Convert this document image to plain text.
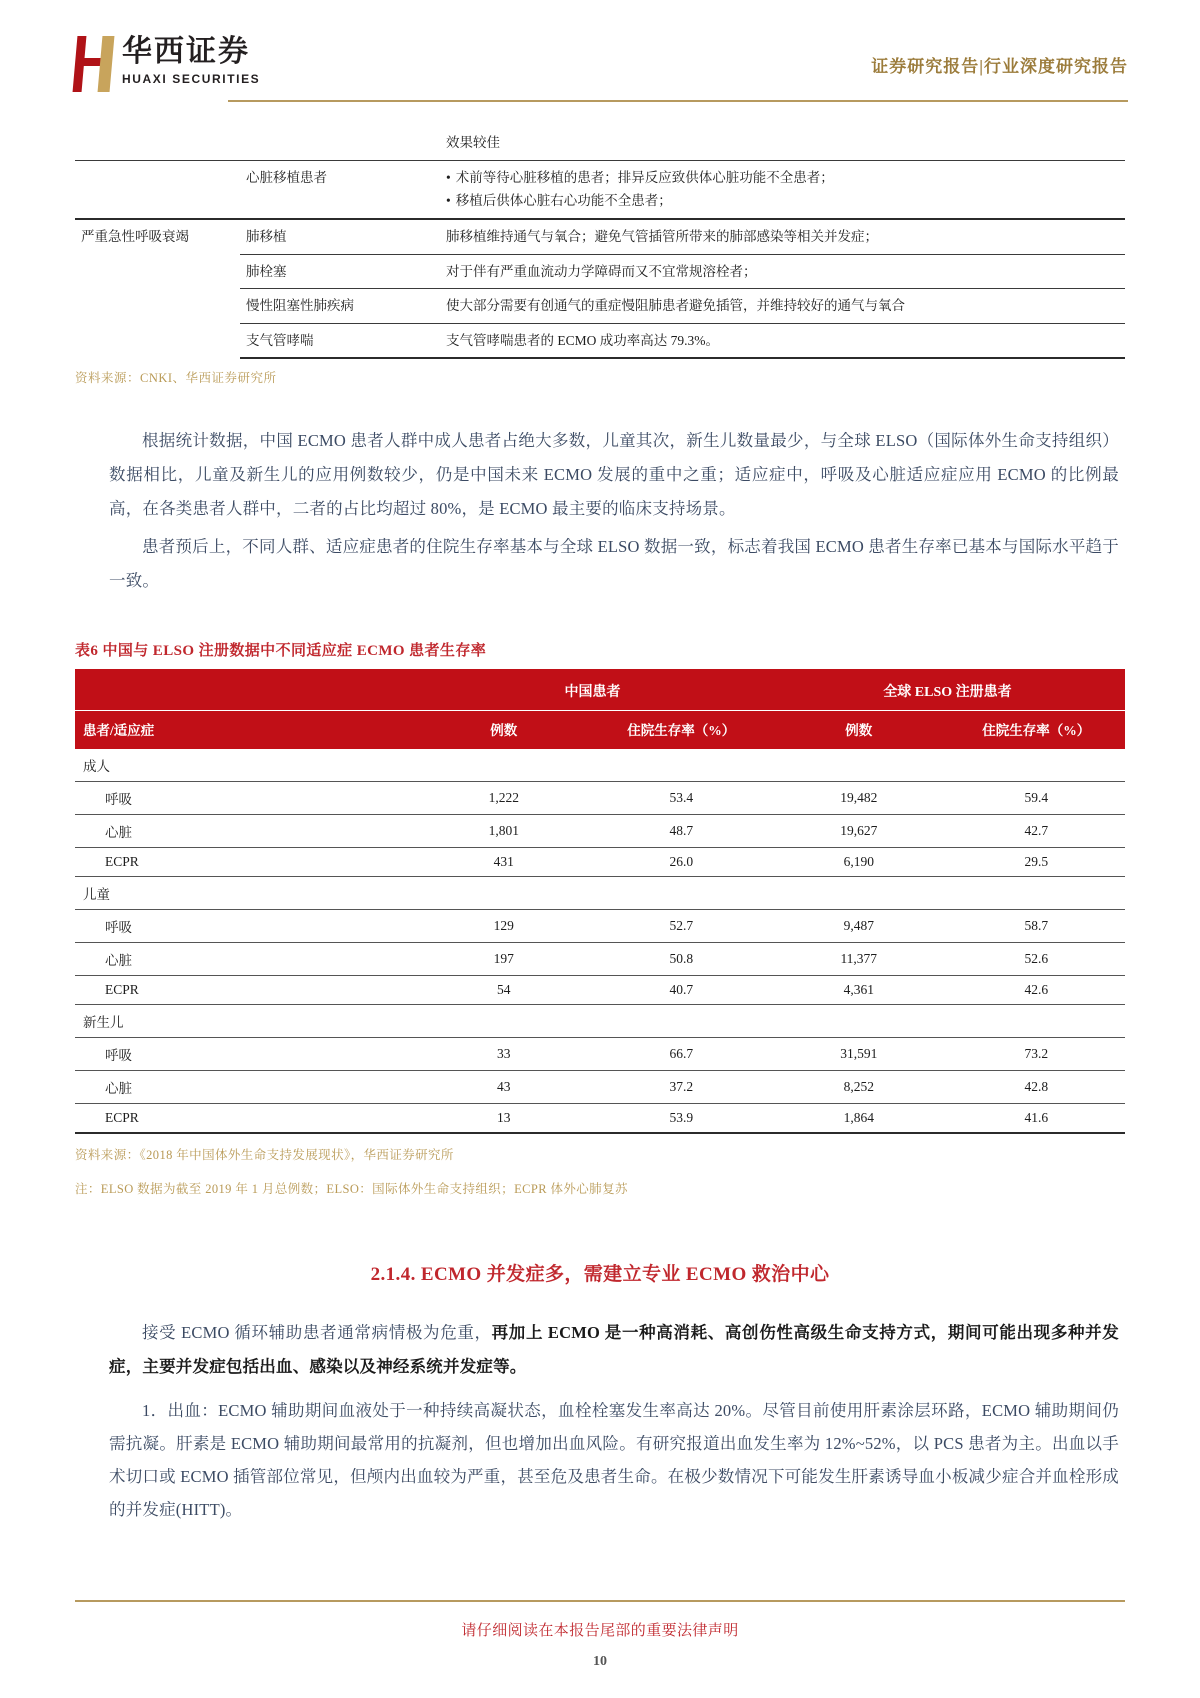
华西证券
HUAXI SECURITIES
证券研究报告|行业深度研究报告
		效果较佳
	心脏移植患者	• 术前等待心脏移植的患者；排异反应致供体心脏功能不全患者；
• 移植后供体心脏右心功能不全患者；

严重急性呼吸衰竭	肺移植	肺移植维持通气与氧合；避免气管插管所带来的肺部感染等相关并发症；
	肺栓塞	对于伴有严重血流动力学障碍而又不宜常规溶栓者；
	慢性阻塞性肺疾病	使大部分需要有创通气的重症慢阻肺患者避免插管，并维持较好的通气与氧合
	支气管哮喘	支气管哮喘患者的 ECMO 成功率高达 79.3%。
资料来源：CNKI、华西证券研究所

根据统计数据，中国 ECMO 患者人群中成人患者占绝大多数，儿童其次，新生儿数量最少，与全球 ELSO（国际体外生命支持组织）数据相比，儿童及新生儿的应用例数较少，仍是中国未来 ECMO 发展的重中之重；适应症中，呼吸及心脏适应症应用 ECMO 的比例最高，在各类患者人群中，二者的占比均超过 80%，是 ECMO 最主要的临床支持场景。

患者预后上，不同人群、适应症患者的住院生存率基本与全球 ELSO 数据一致，标志着我国 ECMO 患者生存率已基本与国际水平趋于一致。

表6 中国与 ELSO 注册数据中不同适应症 ECMO 患者生存率
	中国患者		全球 ELSO 注册患者	
患者/适应症	例数	住院生存率（%）	例数	住院生存率（%）
成人				
呼吸	1,222	53.4	19,482	59.4
心脏	1,801	48.7	19,627	42.7
ECPR	431	26.0	6,190	29.5
儿童				
呼吸	129	52.7	9,487	58.7
心脏	197	50.8	11,377	52.6
ECPR	54	40.7	4,361	42.6
新生儿				
呼吸	33	66.7	31,591	73.2
心脏	43	37.2	8,252	42.8
ECPR	13	53.9	1,864	41.6
资料来源：《2018 年中国体外生命支持发展现状》，华西证券研究所
注：ELSO 数据为截至 2019 年 1 月总例数；ELSO：国际体外生命支持组织；ECPR 体外心肺复苏
2.1.4. ECMO 并发症多，需建立专业 ECMO 救治中心

接受 ECMO 循环辅助患者通常病情极为危重，再加上 ECMO 是一种高消耗、高创伤性高级生命支持方式，期间可能出现多种并发症，主要并发症包括出血、感染以及神经系统并发症等。

1．出血：ECMO 辅助期间血液处于一种持续高凝状态，血栓栓塞发生率高达 20%。尽管目前使用肝素涂层环路，ECMO 辅助期间仍需抗凝。肝素是 ECMO 辅助期间最常用的抗凝剂，但也增加出血风险。有研究报道出血发生率为 12%~52%，以 PCS 患者为主。出血以手术切口或 ECMO 插管部位常见，但颅内出血较为严重，甚至危及患者生命。在极少数情况下可能发生肝素诱导血小板减少症合并血栓形成的并发症(HITT)。

请仔细阅读在本报告尾部的重要法律声明
10
